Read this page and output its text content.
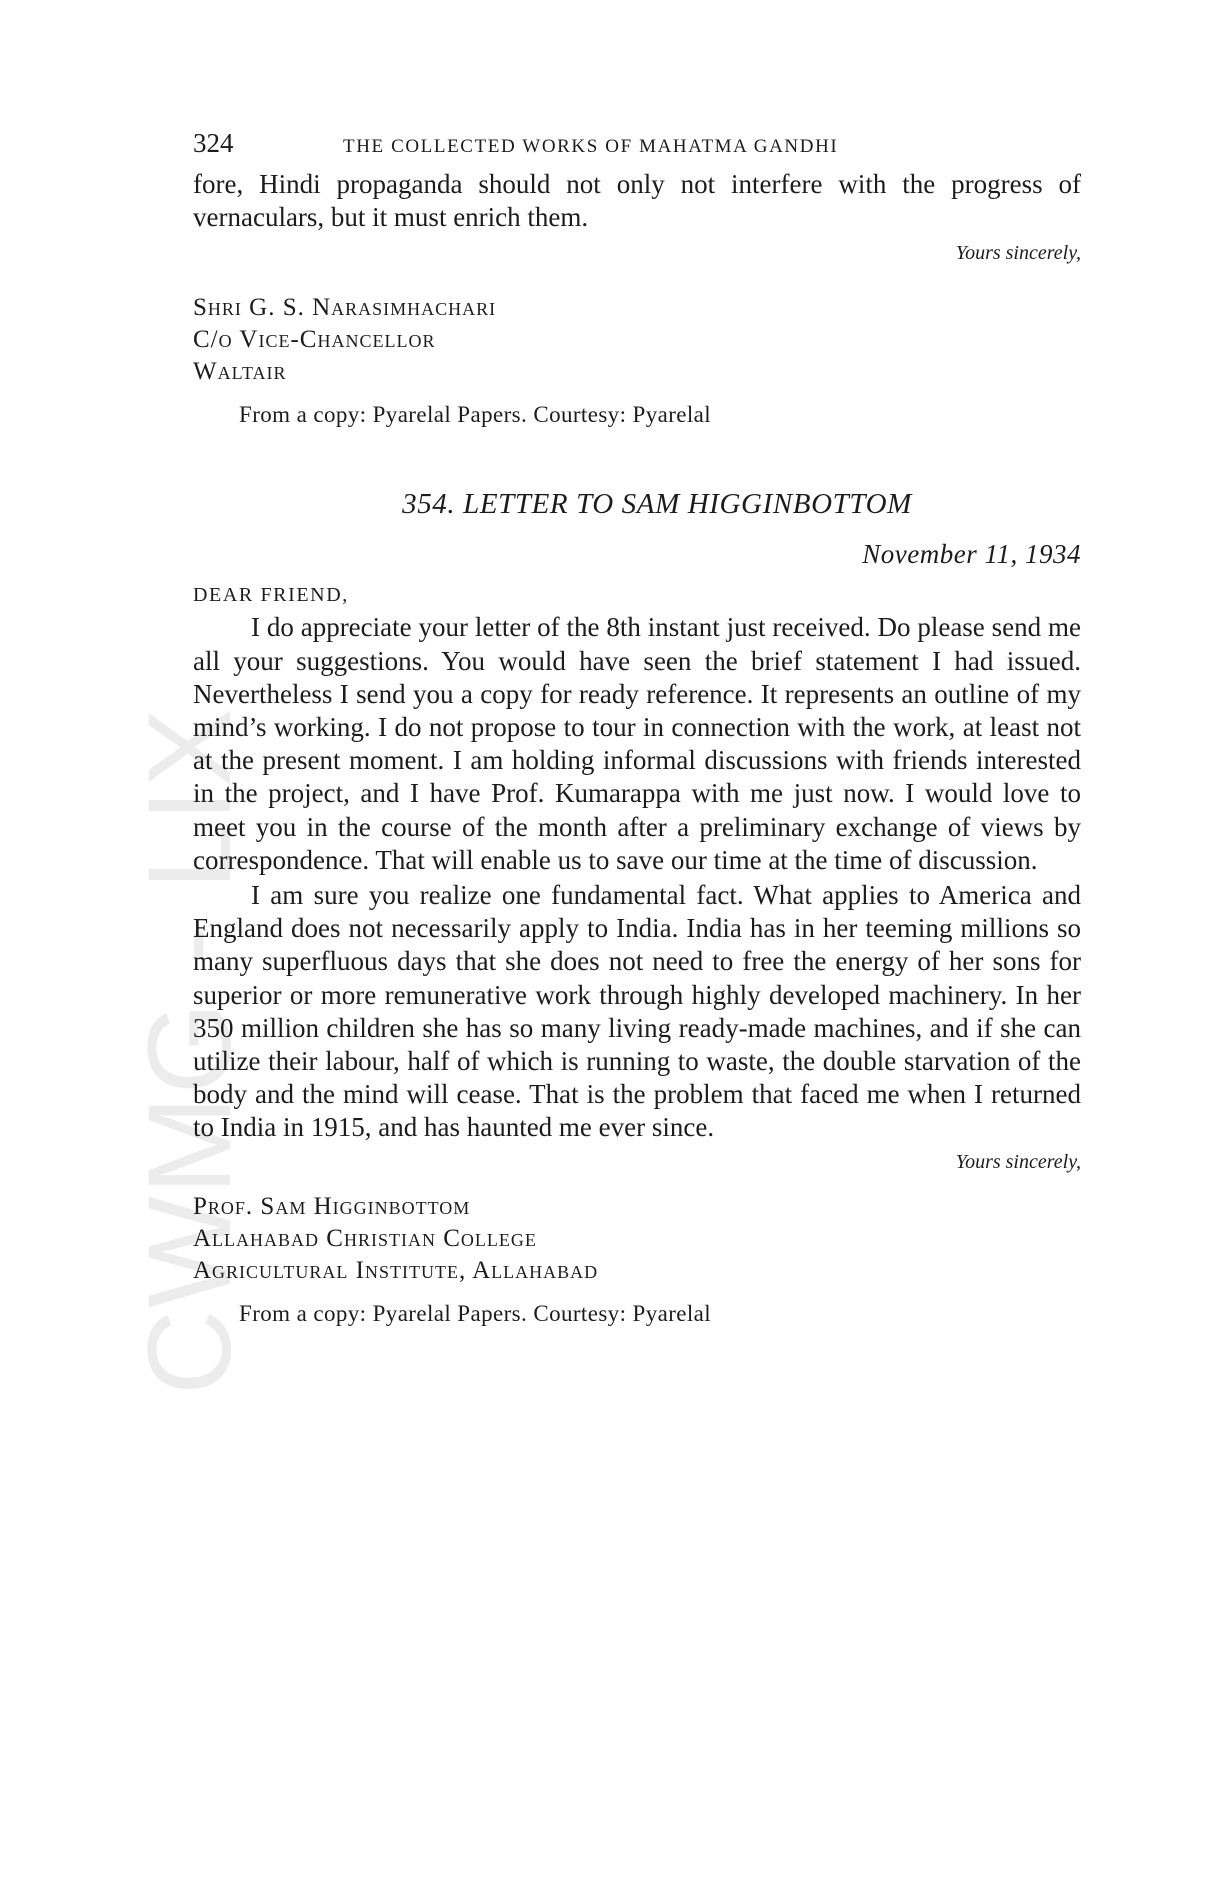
CWMG - LIX
324	THE COLLECTED WORKS OF MAHATMA GANDHI

fore, Hindi propaganda should not only not interfere with the progress of vernaculars, but it must enrich them.

Yours sincerely,
Shri G. S. Narasimhachari
C/o Vice-Chancellor
Waltair
From a copy: Pyarelal Papers. Courtesy: Pyarelal
354. LETTER TO SAM HIGGINBOTTOM
November 11, 1934
DEAR FRIEND,

I do appreciate your letter of the 8th instant just received. Do please send me all your suggestions. You would have seen the brief statement I had issued. Nevertheless I send you a copy for ready reference. It represents an outline of my mind’s working. I do not propose to tour in connection with the work, at least not at the present moment. I am holding informal discussions with friends interested in the project, and I have Prof. Kumarappa with me just now. I would love to meet you in the course of the month after a preliminary exchange of views by correspondence. That will enable us to save our time at the time of discussion.

I am sure you realize one fundamental fact. What applies to America and England does not necessarily apply to India. India has in her teeming millions so many superfluous days that she does not need to free the energy of her sons for superior or more remunerative work through highly developed machinery. In her 350 million children she has so many living ready-made machines, and if she can utilize their labour, half of which is running to waste, the double starvation of the body and the mind will cease. That is the problem that faced me when I returned to India in 1915, and has haunted me ever since.

Yours sincerely,
Prof. Sam Higginbottom
Allahabad Christian College
Agricultural Institute, Allahabad
From a copy: Pyarelal Papers. Courtesy: Pyarelal
